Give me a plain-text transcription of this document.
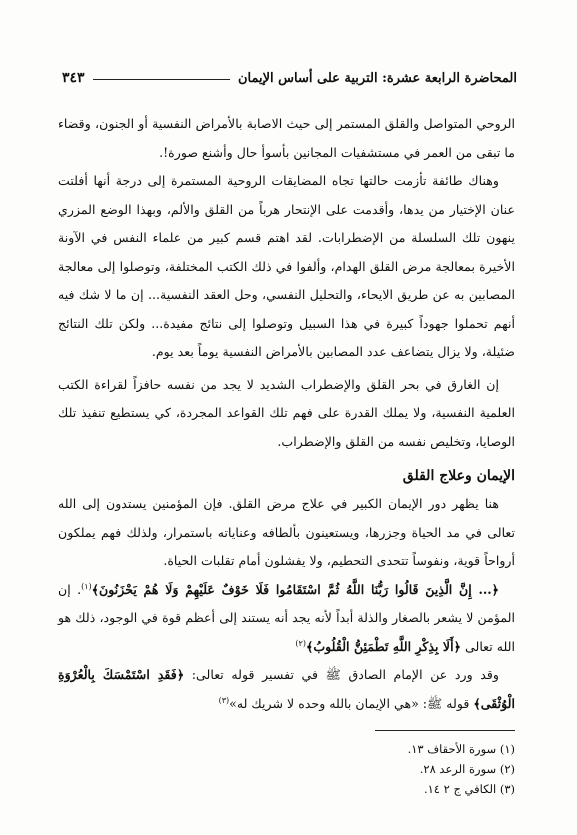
المحاضرة الرابعة عشرة: التربية على أساس الإيمان
٣٤٣

الروحي المتواصل والقلق المستمر إلى حيث الاصابة بالأمراض النفسية أو الجنون، وقضاء ما تبقى من العمر في مستشفيات المجانين بأسوأ حال وأشنع صورة!.

وهناك طائفة تأزمت حالتها تجاه المضايقات الروحية المستمرة إلى درجة أنها أفلتت عنان الإختيار من يدها، وأقدمت على الإنتحار هرباً من القلق والألم، وبهذا الوضع المزري ينهون تلك السلسلة من الإضطرابات. لقد اهتم قسم كبير من علماء النفس في الآونة الأخيرة بمعالجة مرض القلق الهدام، وألفوا في ذلك الكتب المختلفة، وتوصلوا إلى معالجة المصابين به عن طريق الايحاء، والتحليل النفسي، وحل العقد النفسية... إن ما لا شك فيه أنهم تحملوا جهوداً كبيرة في هذا السبيل وتوصلوا إلى نتائج مفيدة... ولكن تلك النتائج ضئيلة، ولا يزال يتضاعف عدد المصابين بالأمراض النفسية يوماً بعد يوم.

إن الغارق في بحر القلق والإضطراب الشديد لا يجد من نفسه حافزاً لقراءة الكتب العلمية النفسية، ولا يملك القدرة على فهم تلك القواعد المجردة، كي يستطيع تنفيذ تلك الوصايا، وتخليص نفسه من القلق والإضطراب.

الإيمان وعلاج القلق

هنا يظهر دور الإيمان الكبير في علاج مرض القلق. فإن المؤمنين يستدون إلى الله تعالى في مد الحياة وجزرها، ويستعينون بألطافه وعناياته باستمرار، ولذلك فهم يملكون أرواحاً قوية، ونفوساً تتحدى التحطيم، ولا يفشلون أمام تقلبات الحياة.

﴿... إِنَّ الَّذِينَ قَالُوا رَبُّنَا اللَّهُ ثُمَّ اسْتَقَامُوا فَلَا خَوْفٌ عَلَيْهِمْ وَلَا هُمْ يَحْزَنُونَ﴾$^{(١)}$. إن المؤمن لا يشعر بالصغار والذلة أبداً لأنه يجد أنه يستند إلى أعظم قوة في الوجود، ذلك هو الله تعالى ﴿أَلَا بِذِكْرِ اللَّهِ تَطْمَئِنُّ الْقُلُوبُ﴾$^{(٢)}$

وقد ورد عن الإمام الصادق ﷺ في تفسير قوله تعالى: ﴿فَقَدِ اسْتَمْسَكَ بِالْعُرْوَةِ الْوُثْقَى﴾ قوله ﷺ: «هي الإيمان بالله وحده لا شريك له»$^{(٣)}$

(١) سورة الأحقاف ١٣.
(٢) سورة الرعد ٢٨.
(٣) الكافي ج ٢ ١٤.
